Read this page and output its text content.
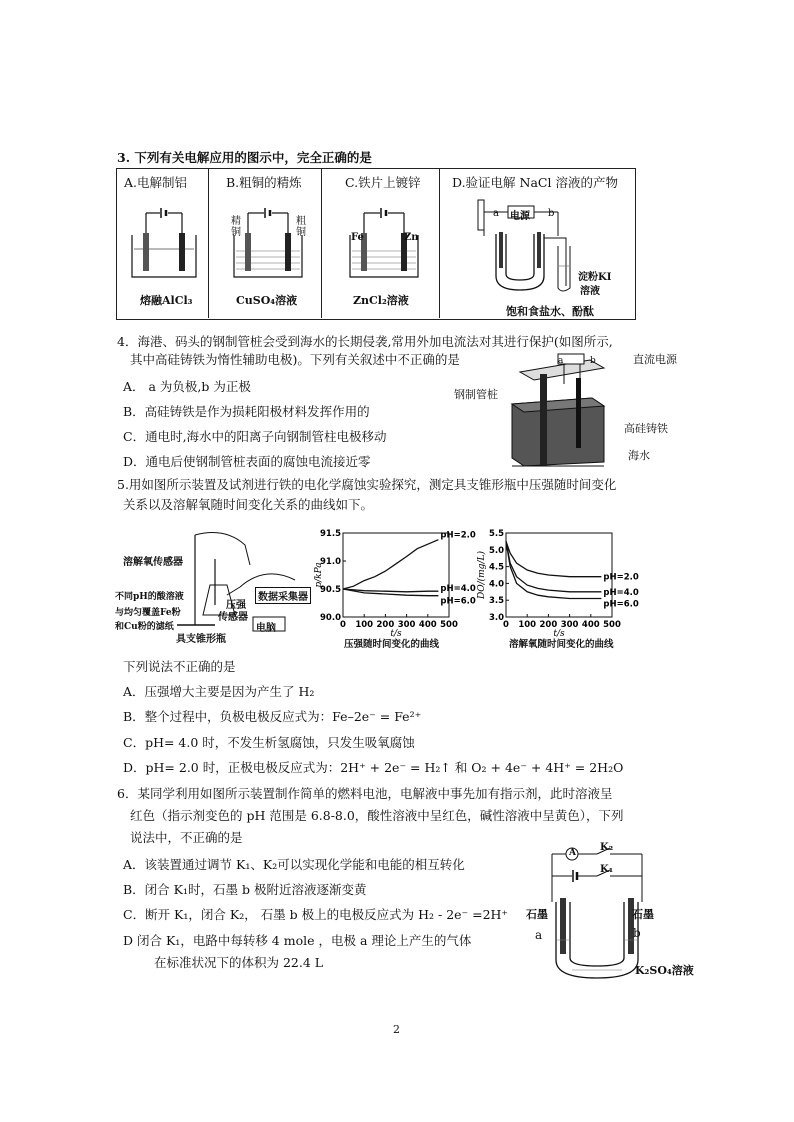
3. 下列有关电解应用的图示中，完全正确的是
A.电解制铝	B.粗铜的精炼	C.铁片上镀锌	D.验证电解 NaCl 溶液的产物
熔融AlCl₃
精铜
粗铜
CuSO₄溶液
Fe	Zn
ZnCl₂溶液
电源
a	b
淀粉KI
溶液
饱和食盐水、酚酞
4．海港、码头的钢制管桩会受到海水的长期侵袭,常用外加电流法对其进行保护(如图所示,
其中高硅铸铁为惰性辅助电极)。下列有关叙述中不正确的是
A． a 为负极,b 为正极
B．高硅铸铁是作为损耗阳极材料发挥作用的
C．通电时,海水中的阳离子向钢制管柱电极移动
D．通电后使钢制管桩表面的腐蚀电流接近零
直流电源
a	b
钢制管桩
高硅铸铁
海水
5.用如图所示装置及试剂进行铁的电化学腐蚀实验探究，测定具支锥形瓶中压强随时间变化
关系以及溶解氧随时间变化关系的曲线如下。
溶解氧传感器
不同pH的酸溶液
与均匀覆盖Fe粉
和Cu粉的滤纸
压强
传感器
数据采集器
电脑
具支锥形瓶
0 100 200 300 400 500
90.0
90.5
91.0
91.5
t/s
p/kPa
pH=2.0
pH=4.0
pH=6.0
压强随时间变化的曲线
0 100 200 300 400 500
3.0
3.5
4.0
4.5
5.0
5.5
t/s
DO/(mg/L)	pH=2.0
pH=4.0
pH=6.0
溶解氧随时间变化的曲线
下列说法不正确的是
A．压强增大主要是因为产生了 H₂
B．整个过程中，负极电极反应式为：Fe–2e⁻ = Fe²⁺
C．pH= 4.0 时，不发生析氢腐蚀，只发生吸氧腐蚀
D．pH= 2.0 时，正极电极反应式为：2H⁺ + 2e⁻ = H₂↑ 和 O₂ + 4e⁻ + 4H⁺ = 2H₂O
6．某同学利用如图所示装置制作简单的燃料电池，电解液中事先加有指示剂，此时溶液呈
红色（指示剂变色的 pH 范围是 6.8-8.0，酸性溶液中呈红色，碱性溶液中呈黄色），下列
说法中，不正确的是
A．该装置通过调节 K₁、K₂可以实现化学能和电能的相互转化
B．闭合 K₁时，石墨 b 极附近溶液逐渐变黄
C．断开 K₁，闭合 K₂， 石墨 b 极上的电极反应式为 H₂ - 2e⁻ =2H⁺
D 闭合 K₁，电路中每转移 4 mole ，电极 a 理论上产生的气体
在标准状况下的体积为 22.4 L
A K₂
K₁
石墨	石墨
a	b
K₂SO₄溶液
2
